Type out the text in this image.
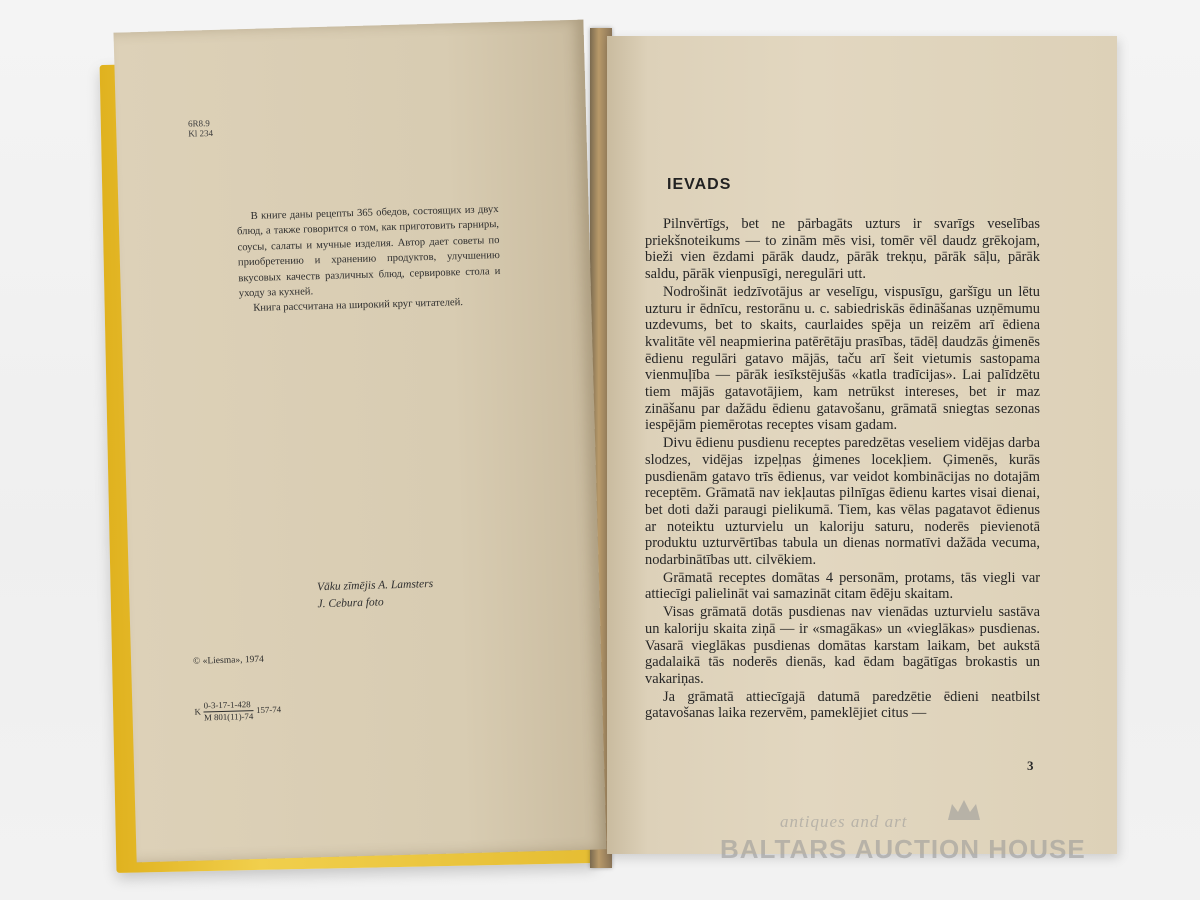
6R8.9
Kl 234

В книге даны рецепты 365 обедов, состоящих из двух блюд, а также говорится о том, как приготовить гарниры, соусы, салаты и мучные изделия. Автор дает советы по приобретению и хранению продуктов, улучшению вкусовых качеств различных блюд, сервировке стола и уходу за кухней.

Книга рассчитана на широкий круг читателей.

Vāku zīmējis A. Lamsters
J. Cebura foto
© «Liesma», 1974
K $\frac{0-3-17-1-428}{M 801(11)-74} 157-74$
IEVADS

Pilnvērtīgs, bet ne pārbagāts uzturs ir svarīgs veselības priekšnoteikums — to zinām mēs visi, tomēr vēl daudz grēkojam, bieži vien ēzdami pārāk daudz, pārāk trekņu, pārāk sāļu, pārāk saldu, pārāk vienpusīgi, neregulāri utt.

Nodrošināt iedzīvotājus ar veselīgu, vispusīgu, garšīgu un lētu uzturu ir ēdnīcu, restorānu u. c. sabiedriskās ēdināšanas uzņēmumu uzdevums, bet to skaits, caurlaides spēja un reizēm arī ēdiena kvalitāte vēl neapmierina patērētāju prasības, tādēļ daudzās ģimenēs ēdienu regulāri gatavo mājās, taču arī šeit vietumis sastopama vienmuļība — pārāk iesīkstējušās «katla tradīcijas». Lai palīdzētu tiem mājās gatavotājiem, kam netrūkst intereses, bet ir maz zināšanu par dažādu ēdienu gatavošanu, grāmatā sniegtas sezonas iespējām piemērotas receptes visam gadam.

Divu ēdienu pusdienu receptes paredzētas veseliem vidējas darba slodzes, vidējas izpeļņas ģimenes locekļiem. Ģimenēs, kurās pusdienām gatavo trīs ēdienus, var veidot kombinācijas no dotajām receptēm. Grāmatā nav iekļautas pilnīgas ēdienu kartes visai dienai, bet doti daži paraugi pielikumā. Tiem, kas vēlas pagatavot ēdienus ar noteiktu uzturvielu un kaloriju saturu, noderēs pievienotā produktu uzturvērtības tabula un dienas normatīvi dažāda vecuma, nodarbinātības utt. cilvēkiem.

Grāmatā receptes domātas 4 personām, protams, tās viegli var attiecīgi palielināt vai samazināt citam ēdēju skaitam.

Visas grāmatā dotās pusdienas nav vienādas uzturvielu sastāva un kaloriju skaita ziņā — ir «smagākas» un «vieglākas» pusdienas. Vasarā vieglākas pusdienas domātas karstam laikam, bet aukstā gadalaikā tās noderēs dienās, kad ēdam bagātīgas brokastis un vakariņas.

Ja grāmatā attiecīgajā datumā paredzētie ēdieni neatbilst gatavošanas laika rezervēm, pameklējiet citus —

3
antiques and art
BALTARS AUCTION HOUSE
